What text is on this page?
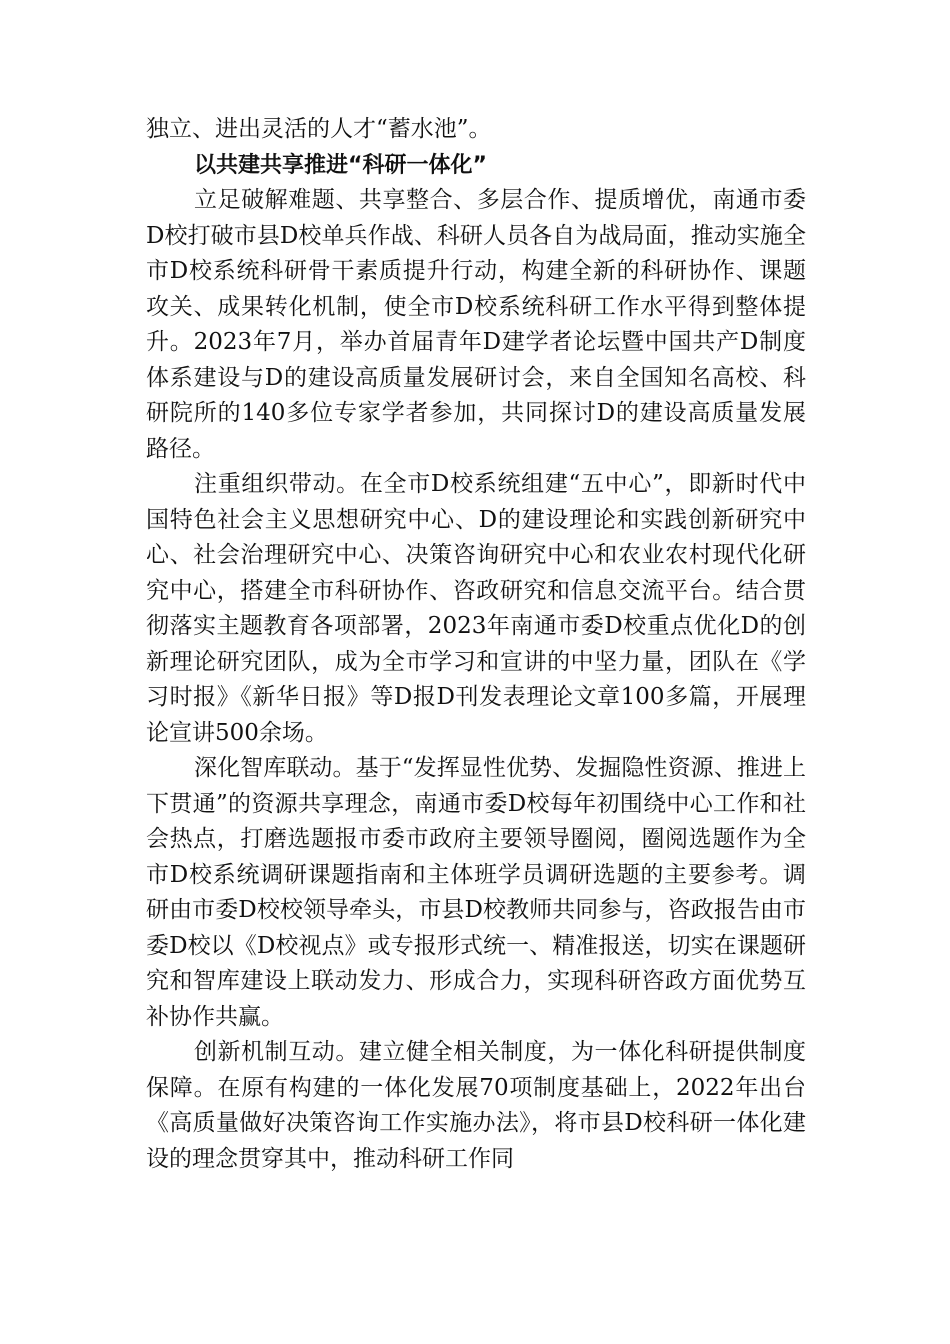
独立、进出灵活的人才“蓄水池”。

以共建共享推进“科研一体化”

立足破解难题、共享整合、多层合作、提质增优，南通市委D校打破市县D校单兵作战、科研人员各自为战局面，推动实施全市D校系统科研骨干素质提升行动，构建全新的科研协作、课题攻关、成果转化机制，使全市D校系统科研工作水平得到整体提升。2023年7月，举办首届青年D建学者论坛暨中国共产D制度体系建设与D的建设高质量发展研讨会，来自全国知名高校、科研院所的140多位专家学者参加，共同探讨D的建设高质量发展路径。

注重组织带动。在全市D校系统组建“五中心”，即新时代中国特色社会主义思想研究中心、D的建设理论和实践创新研究中心、社会治理研究中心、决策咨询研究中心和农业农村现代化研究中心，搭建全市科研协作、咨政研究和信息交流平台。结合贯彻落实主题教育各项部署，2023年南通市委D校重点优化D的创新理论研究团队，成为全市学习和宣讲的中坚力量，团队在《学习时报》《新华日报》等D报D刊发表理论文章100多篇，开展理论宣讲500余场。

深化智库联动。基于“发挥显性优势、发掘隐性资源、推进上下贯通”的资源共享理念，南通市委D校每年初围绕中心工作和社会热点，打磨选题报市委市政府主要领导圈阅，圈阅选题作为全市D校系统调研课题指南和主体班学员调研选题的主要参考。调研由市委D校校领导牵头，市县D校教师共同参与，咨政报告由市委D校以《D校视点》或专报形式统一、精准报送，切实在课题研究和智库建设上联动发力、形成合力，实现科研咨政方面优势互补协作共赢。

创新机制互动。建立健全相关制度，为一体化科研提供制度保障。在原有构建的一体化发展70项制度基础上，2022年出台《高质量做好决策咨询工作实施办法》，将市县D校科研一体化建设的理念贯穿其中，推动科研工作同
